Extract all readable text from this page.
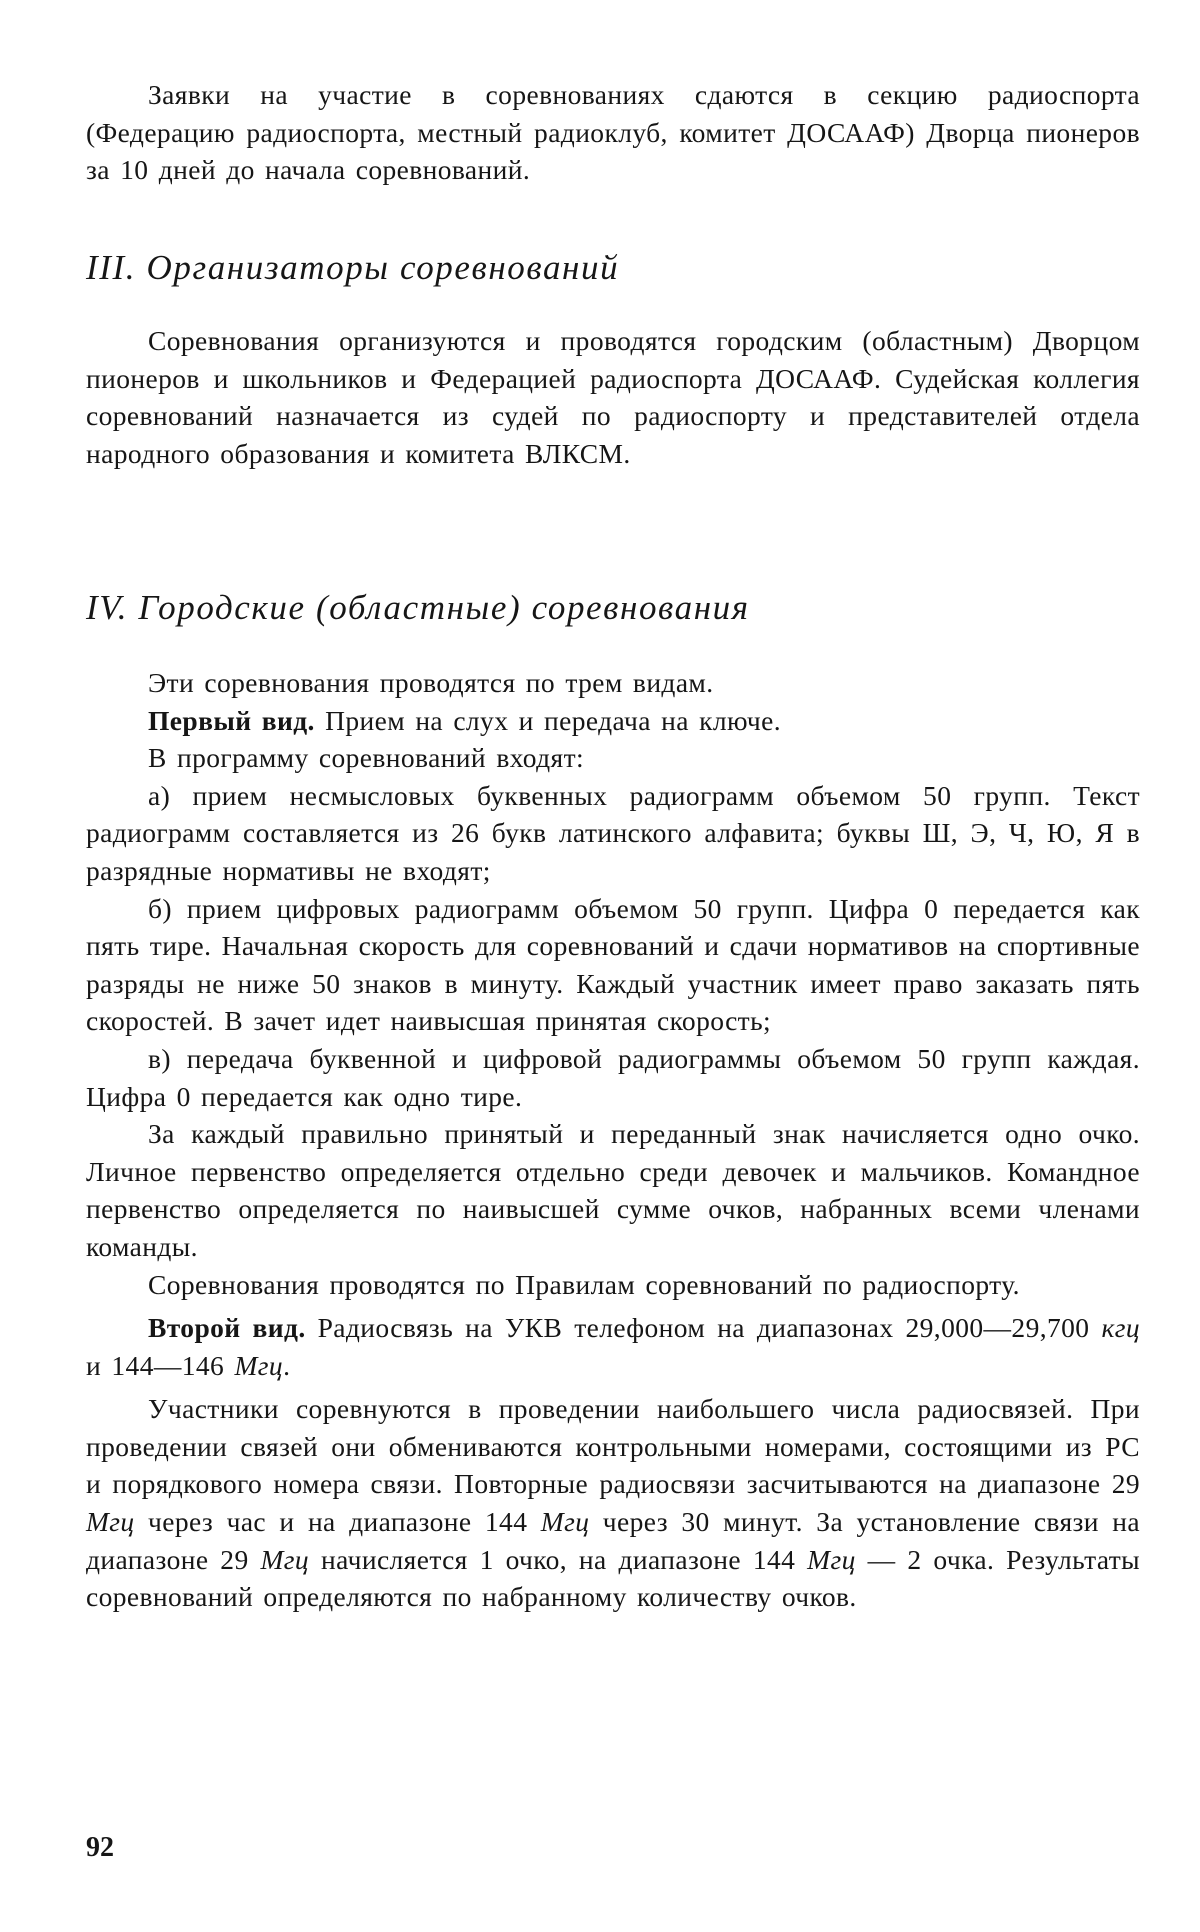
Заявки на участие в соревнованиях сдаются в секцию радиоспорта (Федерацию радиоспорта, местный радиоклуб, комитет ДОСААФ) Дворца пионеров за 10 дней до начала соревнований.

III. Организаторы соревнований

Соревнования организуются и проводятся городским (областным) Дворцом пионеров и школьников и Федерацией радиоспорта ДОСААФ. Судейская коллегия соревнований назначается из судей по радиоспорту и представителей отдела народного образования и комитета ВЛКСМ.

IV. Городские (областные) соревнования

Эти соревнования проводятся по трем видам.

Первый вид. Прием на слух и передача на ключе.

В программу соревнований входят:

а) прием несмысловых буквенных радиограмм объемом 50 групп. Текст радиограмм составляется из 26 букв латинского алфавита; буквы Ш, Э, Ч, Ю, Я в разрядные нормативы не входят;

б) прием цифровых радиограмм объемом 50 групп. Цифра 0 передается как пять тире. Начальная скорость для соревнований и сдачи нормативов на спортивные разряды не ниже 50 знаков в минуту. Каждый участник имеет право заказать пять скоростей. В зачет идет наивысшая принятая скорость;

в) передача буквенной и цифровой радиограммы объемом 50 групп каждая. Цифра 0 передается как одно тире.

За каждый правильно принятый и переданный знак начисляется одно очко. Личное первенство определяется отдельно среди девочек и мальчиков. Командное первенство определяется по наивысшей сумме очков, набранных всеми членами команды.

Соревнования проводятся по Правилам соревнований по радиоспорту.

Второй вид. Радиосвязь на УКВ телефоном на диапазонах 29,000—29,700 кгц и 144—146 Мгц.

Участники соревнуются в проведении наибольшего числа радиосвязей. При проведении связей они обмениваются контрольными номерами, состоящими из РС и порядкового номера связи. Повторные радиосвязи засчитываются на диапазоне 29 Мгц через час и на диапазоне 144 Мгц через 30 минут. За установление связи на диапазоне 29 Мгц начисляется 1 очко, на диапазоне 144 Мгц — 2 очка. Результаты соревнований определяются по набранному количеству очков.

92
